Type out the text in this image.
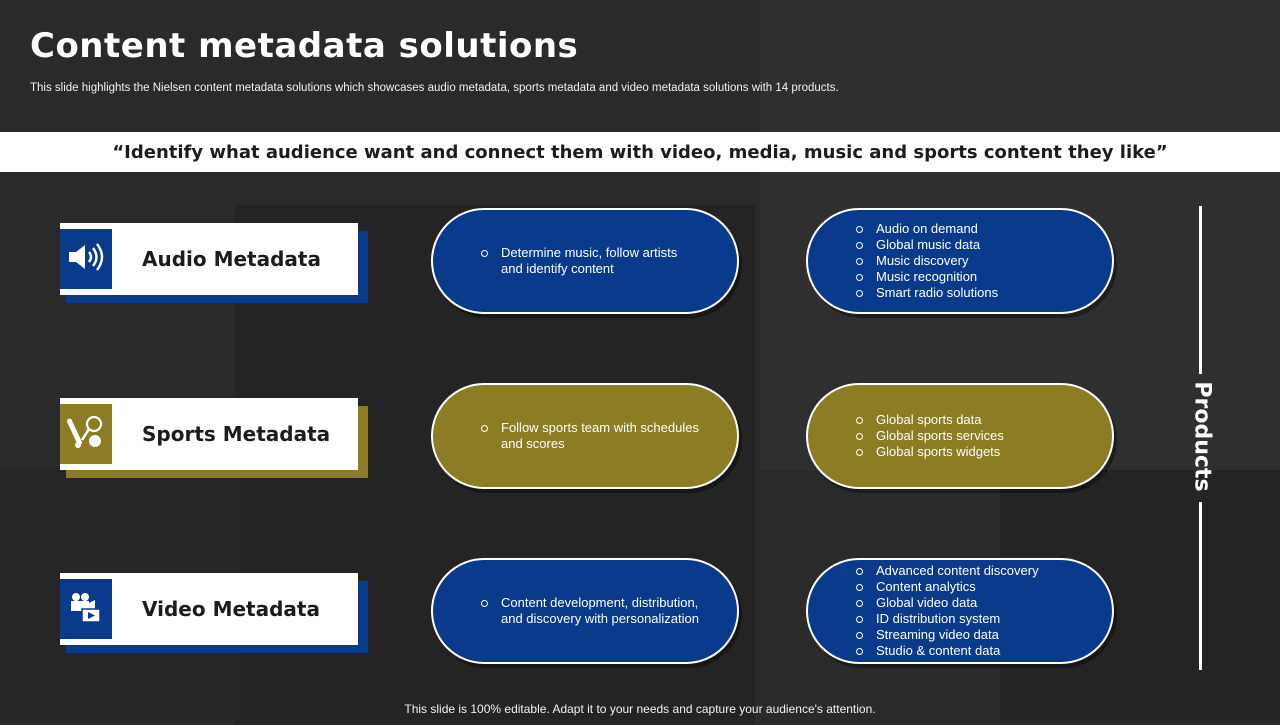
Content metadata solutions

This slide highlights the Nielsen content metadata solutions which showcases audio metadata, sports metadata and video metadata solutions with 14 products.

“Identify what audience want and connect them with video, media, music and sports content they like”
Audio Metadata
Sports Metadata
Video Metadata
Determine music, follow artists and identify content
Follow sports team with schedules and scores
Content development, distribution, and discovery with personalization
Audio on demand
Global music data
Music discovery
Music recognition
Smart radio solutions
Global sports data
Global sports services
Global sports widgets
Advanced content discovery
Content analytics
Global video data
ID distribution system
Streaming video data
Studio & content data
Products
This slide is 100% editable. Adapt it to your needs and capture your audience's attention.
